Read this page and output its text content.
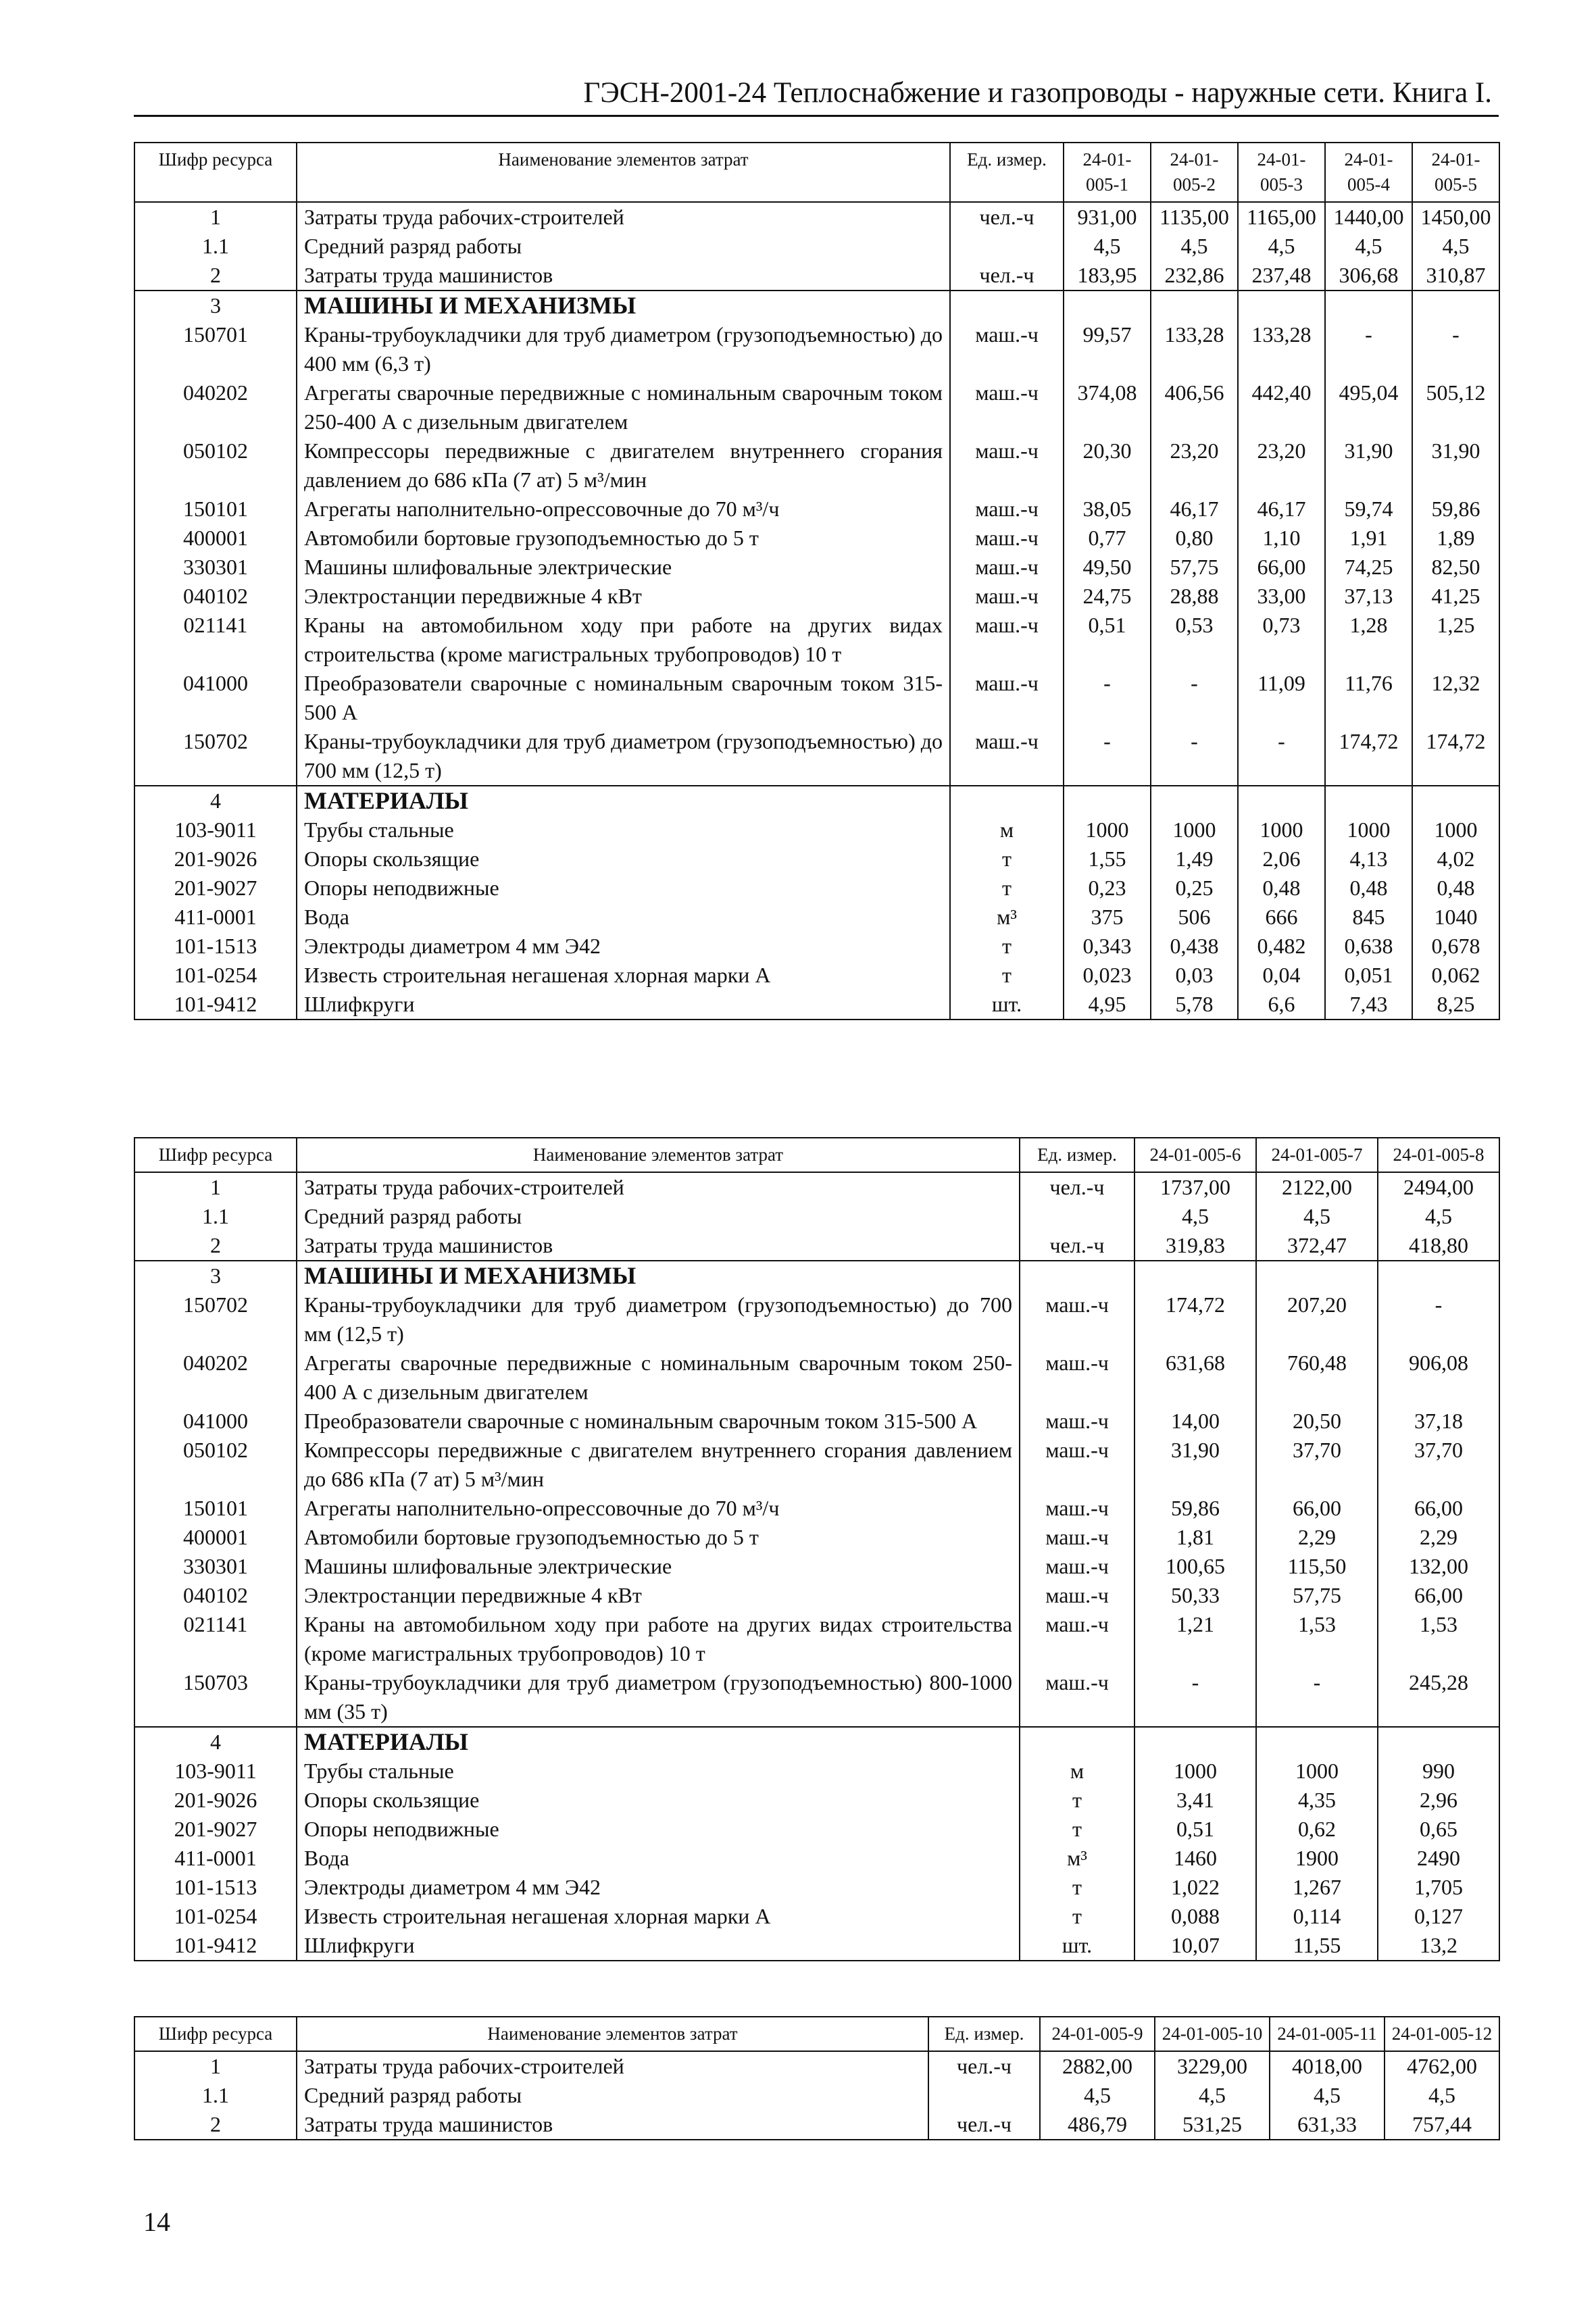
ГЭСН-2001-24 Теплоснабжение и газопроводы - наружные сети. Книга I.
Шифр ресурса	Наименование элементов затрат	Ед. измер.	24-01-005-1	24-01-005-2	24-01-005-3	24-01-005-4	24-01-005-5
1	Затраты труда рабочих-строителей	чел.-ч	931,00	1135,00	1165,00	1440,00	1450,00
1.1	Средний разряд работы		4,5	4,5	4,5	4,5	4,5
2	Затраты труда машинистов	чел.-ч	183,95	232,86	237,48	306,68	310,87
3	МАШИНЫ И МЕХАНИЗМЫ						
150701	Краны-трубоукладчики для труб диаметром (грузоподъемностью) до 400 мм (6,3 т)	маш.-ч	99,57	133,28	133,28	-	-
040202	Агрегаты сварочные передвижные с номинальным сварочным током 250-400 А с дизельным двигателем	маш.-ч	374,08	406,56	442,40	495,04	505,12
050102	Компрессоры передвижные с двигателем внутреннего сгорания давлением до 686 кПа (7 ат) 5 м³/мин	маш.-ч	20,30	23,20	23,20	31,90	31,90
150101	Агрегаты наполнительно-опрессовочные до 70 м³/ч	маш.-ч	38,05	46,17	46,17	59,74	59,86
400001	Автомобили бортовые грузоподъемностью до 5 т	маш.-ч	0,77	0,80	1,10	1,91	1,89
330301	Машины шлифовальные электрические	маш.-ч	49,50	57,75	66,00	74,25	82,50
040102	Электростанции передвижные 4 кВт	маш.-ч	24,75	28,88	33,00	37,13	41,25
021141	Краны на автомобильном ходу при работе на других видах строительства (кроме магистральных трубопроводов) 10 т	маш.-ч	0,51	0,53	0,73	1,28	1,25
041000	Преобразователи сварочные с номинальным сварочным током 315-500 А	маш.-ч	-	-	11,09	11,76	12,32
150702	Краны-трубоукладчики для труб диаметром (грузоподъемностью) до 700 мм (12,5 т)	маш.-ч	-	-	-	174,72	174,72
4	МАТЕРИАЛЫ						
103-9011	Трубы стальные	м	1000	1000	1000	1000	1000
201-9026	Опоры скользящие	т	1,55	1,49	2,06	4,13	4,02
201-9027	Опоры неподвижные	т	0,23	0,25	0,48	0,48	0,48
411-0001	Вода	м³	375	506	666	845	1040
101-1513	Электроды диаметром 4 мм Э42	т	0,343	0,438	0,482	0,638	0,678
101-0254	Известь строительная негашеная хлорная марки А	т	0,023	0,03	0,04	0,051	0,062
101-9412	Шлифкруги	шт.	4,95	5,78	6,6	7,43	8,25
Шифр ресурса	Наименование элементов затрат	Ед. измер.	24-01-005-6	24-01-005-7	24-01-005-8
1	Затраты труда рабочих-строителей	чел.-ч	1737,00	2122,00	2494,00
1.1	Средний разряд работы		4,5	4,5	4,5
2	Затраты труда машинистов	чел.-ч	319,83	372,47	418,80
3	МАШИНЫ И МЕХАНИЗМЫ				
150702	Краны-трубоукладчики для труб диаметром (грузоподъемностью) до 700 мм (12,5 т)	маш.-ч	174,72	207,20	-
040202	Агрегаты сварочные передвижные с номинальным сварочным током 250-400 А с дизельным двигателем	маш.-ч	631,68	760,48	906,08
041000	Преобразователи сварочные с номинальным сварочным током 315-500 А	маш.-ч	14,00	20,50	37,18
050102	Компрессоры передвижные с двигателем внутреннего сгорания давлением до 686 кПа (7 ат) 5 м³/мин	маш.-ч	31,90	37,70	37,70
150101	Агрегаты наполнительно-опрессовочные до 70 м³/ч	маш.-ч	59,86	66,00	66,00
400001	Автомобили бортовые грузоподъемностью до 5 т	маш.-ч	1,81	2,29	2,29
330301	Машины шлифовальные электрические	маш.-ч	100,65	115,50	132,00
040102	Электростанции передвижные 4 кВт	маш.-ч	50,33	57,75	66,00
021141	Краны на автомобильном ходу при работе на других видах строительства (кроме магистральных трубопроводов) 10 т	маш.-ч	1,21	1,53	1,53
150703	Краны-трубоукладчики для труб диаметром (грузоподъемностью) 800-1000 мм (35 т)	маш.-ч	-	-	245,28
4	МАТЕРИАЛЫ				
103-9011	Трубы стальные	м	1000	1000	990
201-9026	Опоры скользящие	т	3,41	4,35	2,96
201-9027	Опоры неподвижные	т	0,51	0,62	0,65
411-0001	Вода	м³	1460	1900	2490
101-1513	Электроды диаметром 4 мм Э42	т	1,022	1,267	1,705
101-0254	Известь строительная негашеная хлорная марки А	т	0,088	0,114	0,127
101-9412	Шлифкруги	шт.	10,07	11,55	13,2
Шифр ресурса	Наименование элементов затрат	Ед. измер.	24-01-005-9	24-01-005-10	24-01-005-11	24-01-005-12
1	Затраты труда рабочих-строителей	чел.-ч	2882,00	3229,00	4018,00	4762,00
1.1	Средний разряд работы		4,5	4,5	4,5	4,5
2	Затраты труда машинистов	чел.-ч	486,79	531,25	631,33	757,44
14
